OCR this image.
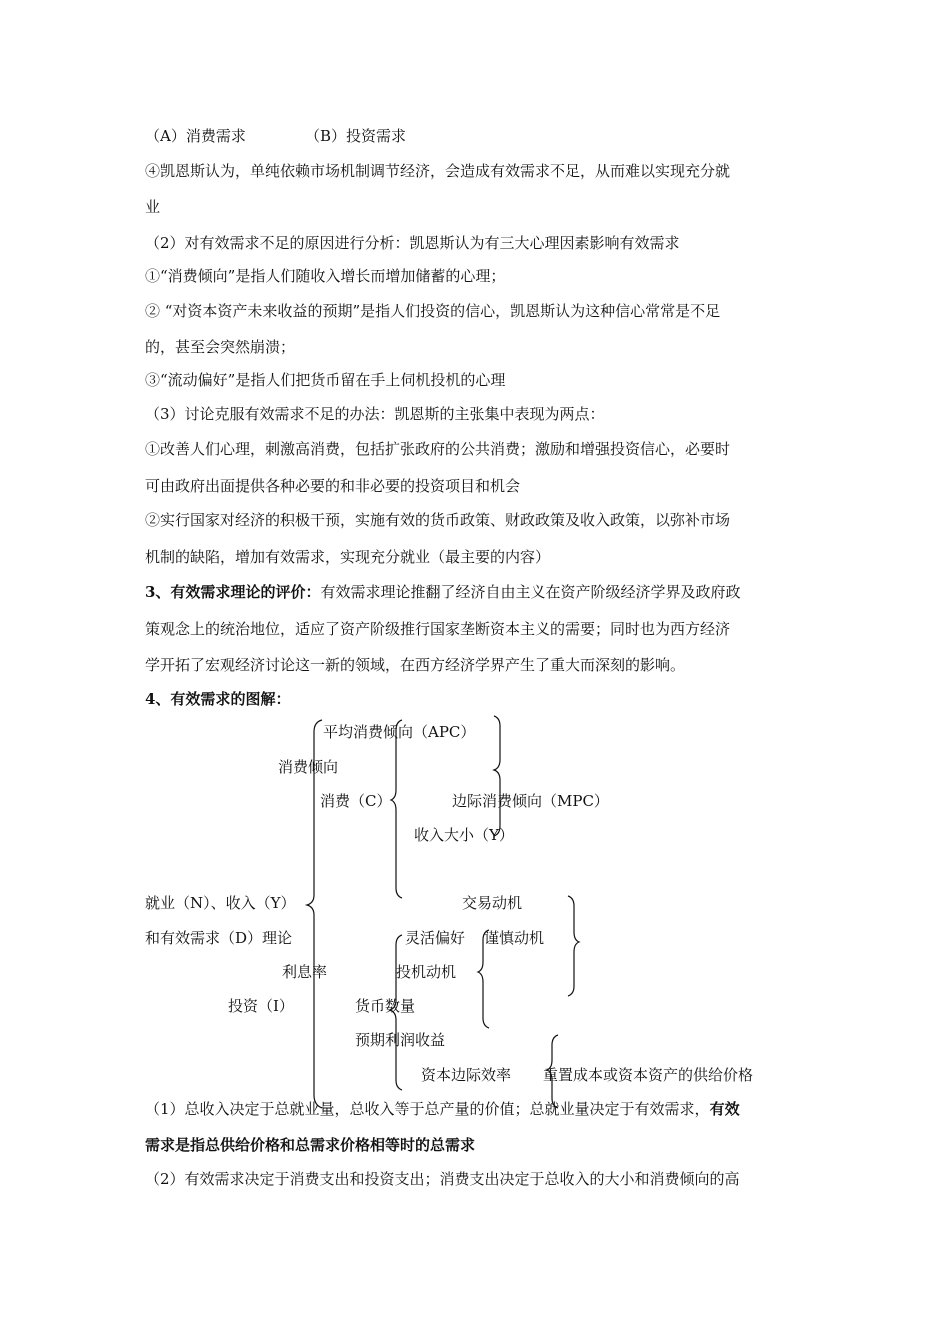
（A）消费需求	（B）投资需求
④凯恩斯认为，单纯依赖市场机制调节经济，会造成有效需求不足，从而难以实现充分就
业
（2）对有效需求不足的原因进行分析：凯恩斯认为有三大心理因素影响有效需求
①“消费倾向”是指人们随收入增长而增加储蓄的心理；
② “对资本资产未来收益的预期”是指人们投资的信心，凯恩斯认为这种信心常常是不足
的，甚至会突然崩溃；
③“流动偏好”是指人们把货币留在手上伺机投机的心理
（3）讨论克服有效需求不足的办法：凯恩斯的主张集中表现为两点：
①改善人们心理，刺激高消费，包括扩张政府的公共消费；激励和增强投资信心，必要时
可由政府出面提供各种必要的和非必要的投资项目和机会
②实行国家对经济的积极干预，实施有效的货币政策、财政政策及收入政策，以弥补市场
机制的缺陷，增加有效需求，实现充分就业（最主要的内容）
3、有效需求理论的评价：有效需求理论推翻了经济自由主义在资产阶级经济学界及政府政
策观念上的统治地位，适应了资产阶级推行国家垄断资本主义的需要；同时也为西方经济
学开拓了宏观经济讨论这一新的领域，在西方经济学界产生了重大而深刻的影响。
4、有效需求的图解：
平均消费倾向（APC）
消费倾向
消费（C）	边际消费倾向（MPC）
收入大小（Y）
就业（N）、收入（Y）	交易动机
和有效需求（D）理论	灵活偏好 谨慎动机
利息率	投机动机
投资（I）	货币数量
预期利润收益
资本边际效率 重置成本或资本资产的供给价格
（1）总收入决定于总就业量，总收入等于总产量的价值；总就业量决定于有效需求，有效
需求是指总供给价格和总需求价格相等时的总需求
（2）有效需求决定于消费支出和投资支出；消费支出决定于总收入的大小和消费倾向的高
